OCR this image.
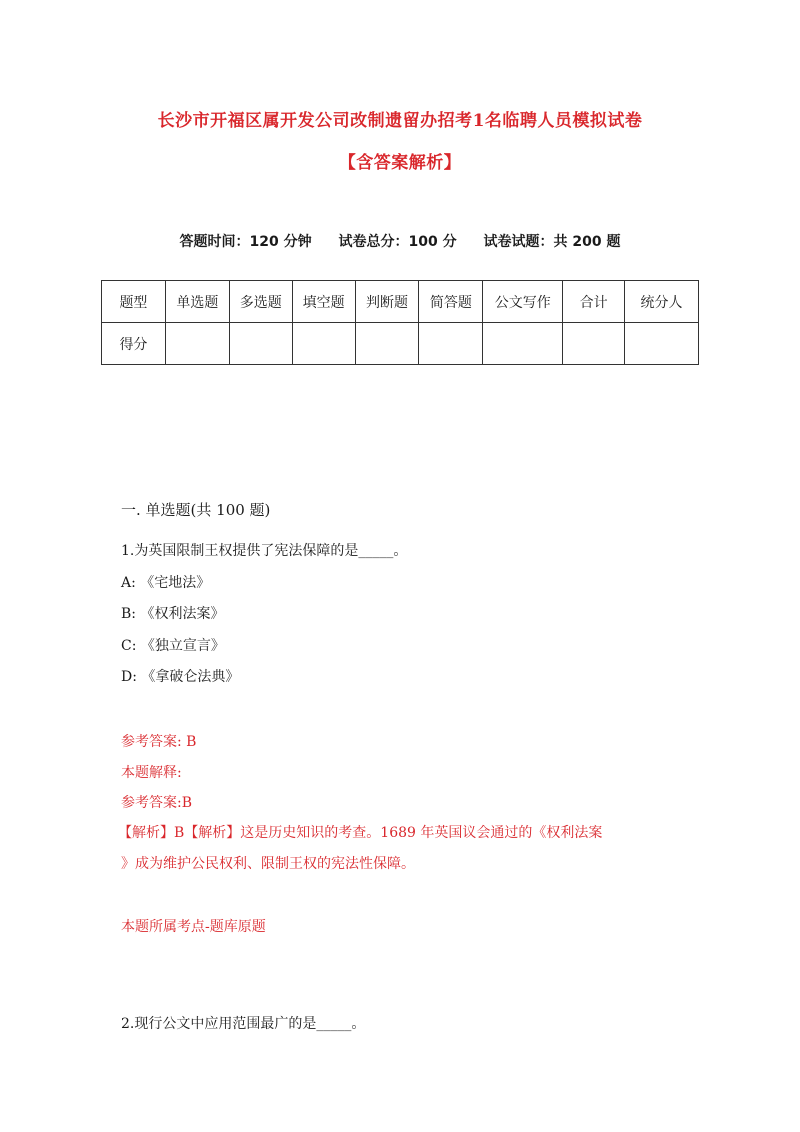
长沙市开福区属开发公司改制遗留办招考1名临聘人员模拟试卷
【含答案解析】
答题时间：120 分钟 试卷总分：100 分 试卷试题：共 200 题
题型	单选题	多选题	填空题	判断题	简答题	公文写作	合计	统分人
得分								
一. 单选题(共 100 题)
1.为英国限制王权提供了宪法保障的是_____。
A: 《宅地法》
B: 《权利法案》
C: 《独立宣言》
D: 《拿破仑法典》
参考答案: B
本题解释:
参考答案:B
【解析】B【解析】这是历史知识的考查。1689 年英国议会通过的《权利法案
》成为维护公民权利、限制王权的宪法性保障。
本题所属考点-题库原题
2.现行公文中应用范围最广的是_____。
